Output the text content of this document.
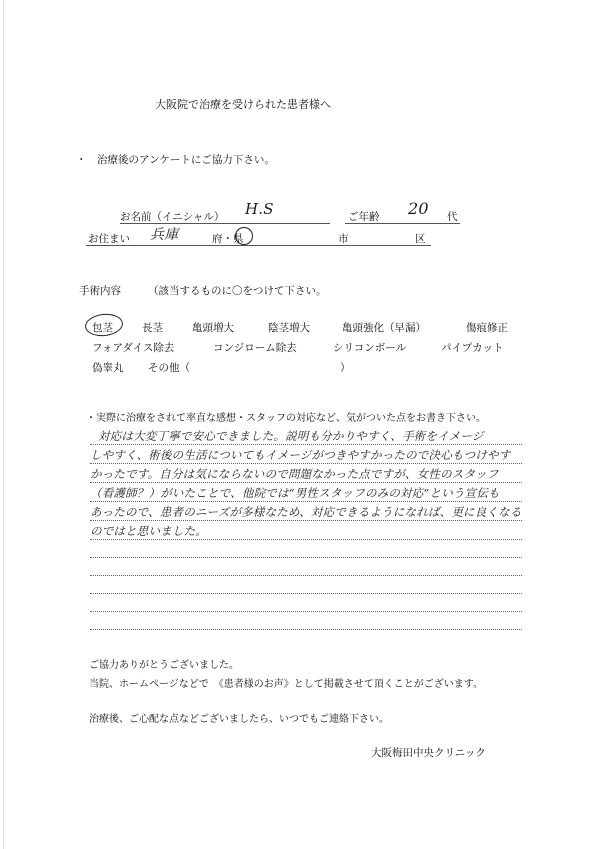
大阪院で治療を受けられた患者様へ
・　治療後のアンケートにご協力下さい。
お名前（イニシャル） H.S	ご年齢 20 代
お住まい 兵庫	府・県	市	区
手術内容	（該当するものに〇をつけて下さい。
包茎	長茎	亀頭増大	陰茎増大	亀頭強化（早漏）	傷痕修正
フォアダイス除去	コンジローム除去	シリコンボール	パイプカット
偽睾丸 その他（	）
・実際に治療をされて率直な感想・スタッフの対応など、気がついた点をお書き下さい。
対応は大変丁寧で安心できました。説明も分かりやすく、手術をイメージ
しやすく、術後の生活についてもイメージがつきやすかったので決心もつけやす
かったです。自分は気にならないので問題なかった点ですが、女性のスタッフ
（看護師？）がいたことで、他院では“男性スタッフのみの対応”という宣伝も
あったので、患者のニーズが多様なため、対応できるようになれば、更に良くなる
のではと思いました。
ご協力ありがとうございました。
当院、ホームページなどで　《患者様のお声》として掲載させて頂くことがございます。
治療後、ご心配な点などございましたら、いつでもご連絡下さい。
大阪梅田中央クリニック
